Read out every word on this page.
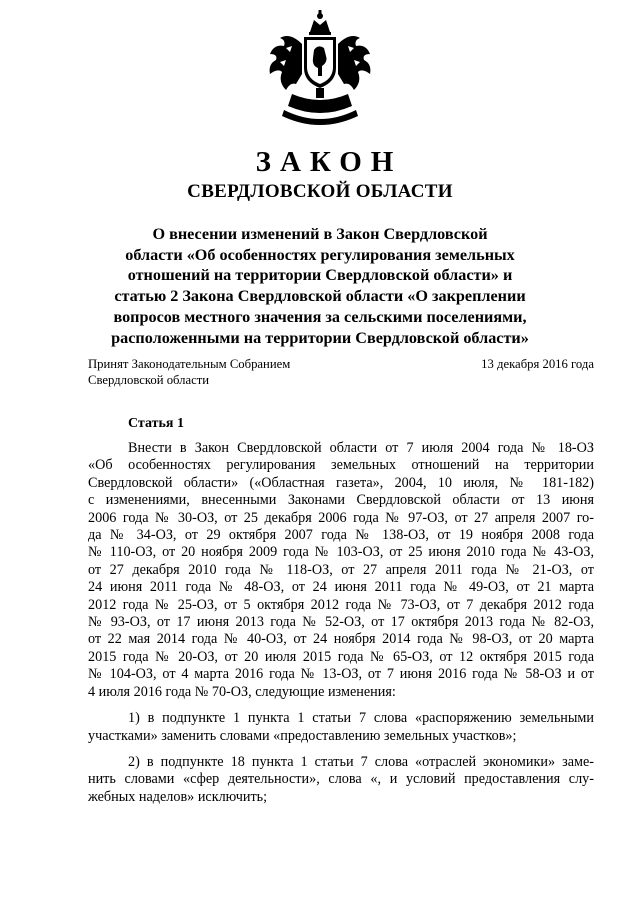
ЗАКОН
СВЕРДЛОВСКОЙ ОБЛАСТИ
О внесении изменений в Закон Свердловской
области «Об особенностях регулирования земельных
отношений на территории Свердловской области» и
статью 2 Закона Свердловской области «О закреплении
вопросов местного значения за сельскими поселениями,
расположенными на территории Свердловской области»
Принят Законодательным Собранием
Свердловской области
13 декабря 2016 года
Статья 1

Внести в Закон Свердловской области от 7 июля 2004 года № 18-ОЗ
«Об особенностях регулирования земельных отношений на территории
Свердловской области» («Областная газета», 2004, 10 июля, № 181-182)
с изменениями, внесенными Законами Свердловской области от 13 июня
2006 года № 30-ОЗ, от 25 декабря 2006 года № 97-ОЗ, от 27 апреля 2007 го-
да № 34-ОЗ, от 29 октября 2007 года № 138-ОЗ, от 19 ноября 2008 года
№ 110-ОЗ, от 20 ноября 2009 года № 103-ОЗ, от 25 июня 2010 года № 43-ОЗ,
от 27 декабря 2010 года № 118-ОЗ, от 27 апреля 2011 года № 21-ОЗ, от
24 июня 2011 года № 48-ОЗ, от 24 июня 2011 года № 49-ОЗ, от 21 марта
2012 года № 25-ОЗ, от 5 октября 2012 года № 73-ОЗ, от 7 декабря 2012 года
№ 93-ОЗ, от 17 июня 2013 года № 52-ОЗ, от 17 октября 2013 года № 82-ОЗ,
от 22 мая 2014 года № 40-ОЗ, от 24 ноября 2014 года № 98-ОЗ, от 20 марта
2015 года № 20-ОЗ, от 20 июля 2015 года № 65-ОЗ, от 12 октября 2015 года
№ 104-ОЗ, от 4 марта 2016 года № 13-ОЗ, от 7 июня 2016 года № 58-ОЗ и от
4 июля 2016 года № 70-ОЗ, следующие изменения:

1) в подпункте 1 пункта 1 статьи 7 слова «распоряжению земельными
участками» заменить словами «предоставлению земельных участков»;

2) в подпункте 18 пункта 1 статьи 7 слова «отраслей экономики» заме-
нить словами «сфер деятельности», слова «, и условий предоставления слу-
жебных наделов» исключить;
